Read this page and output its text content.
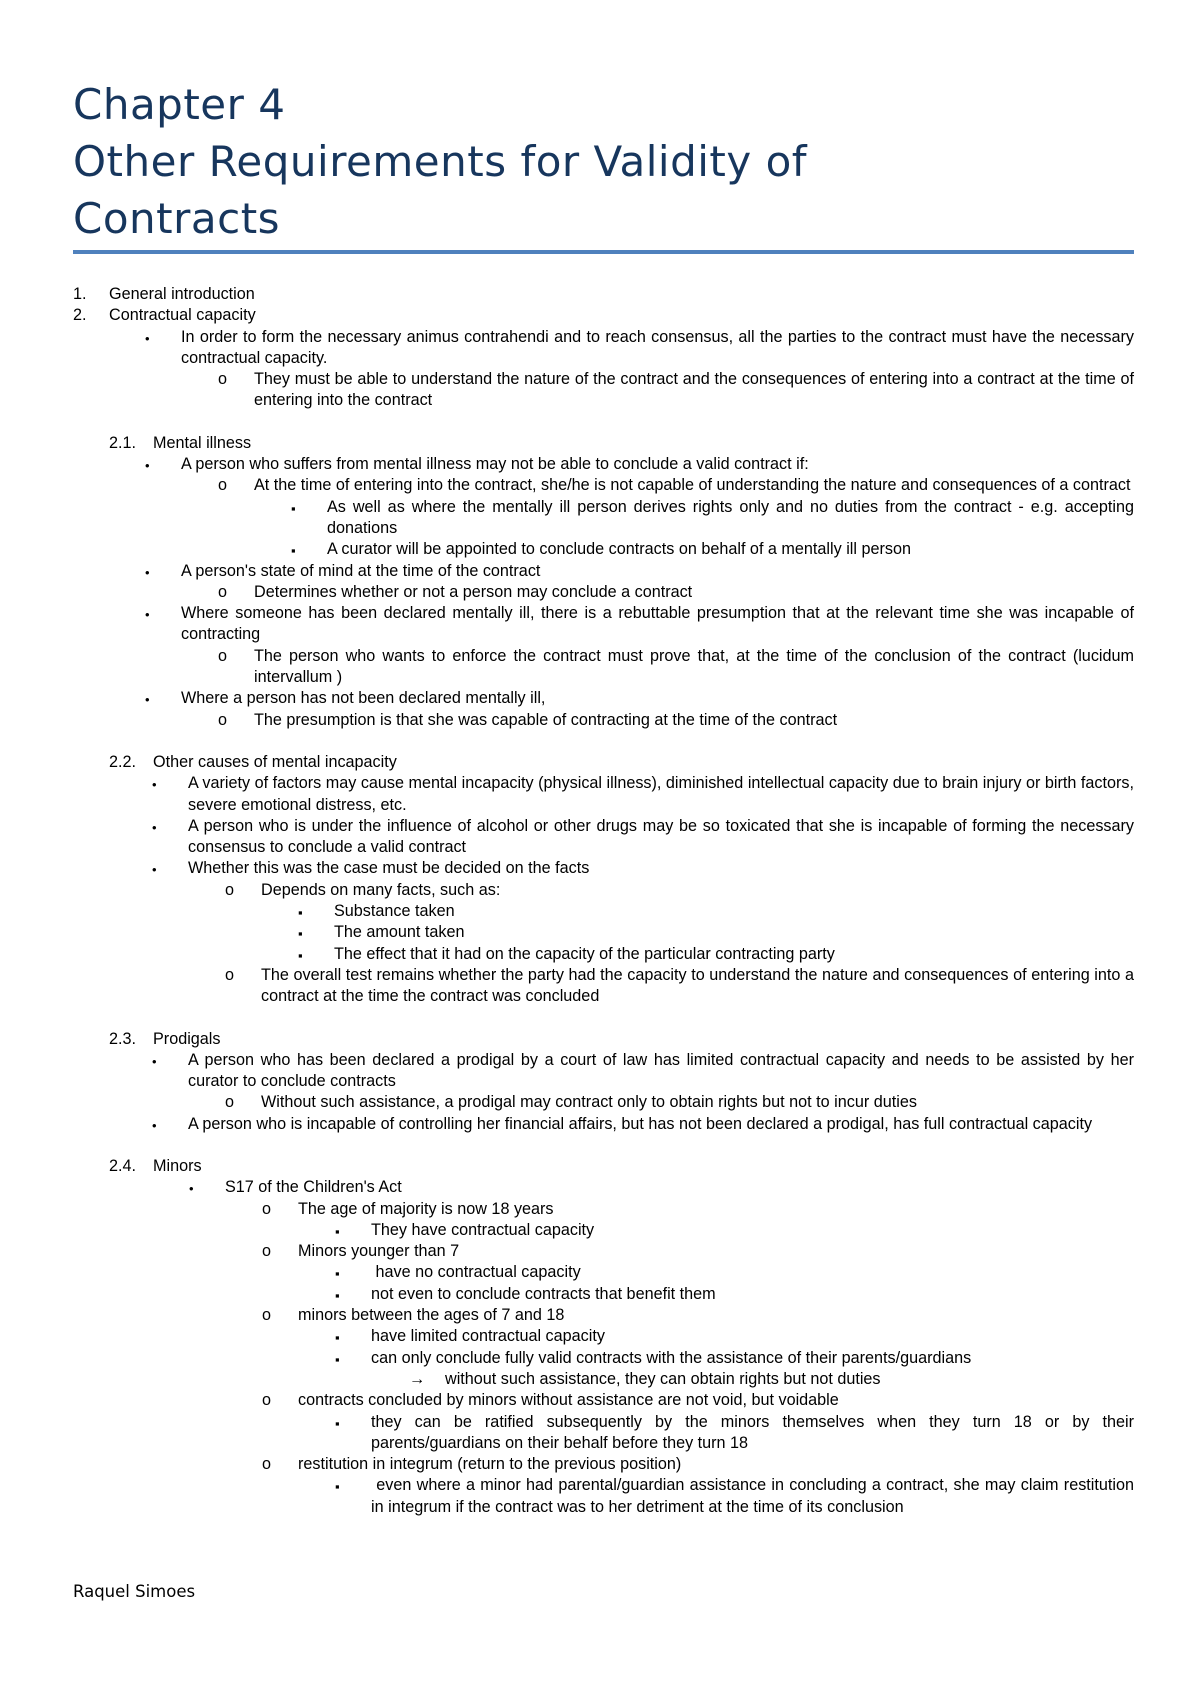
Chapter 4
Other Requirements for Validity of
Contracts
1. General introduction
2. Contractual capacity
• In order to form the necessary animus contrahendi and to reach consensus, all the parties to the contract must have the necessary contractual capacity.
o They must be able to understand the nature of the contract and the consequences of entering into a contract at the time of entering into the contract
2.1. Mental illness
• A person who suffers from mental illness may not be able to conclude a valid contract if:
o At the time of entering into the contract, she/he is not capable of understanding the nature and consequences of a contract
▪ As well as where the mentally ill person derives rights only and no duties from the contract - e.g. accepting donations
▪ A curator will be appointed to conclude contracts on behalf of a mentally ill person
• A person's state of mind at the time of the contract
o Determines whether or not a person may conclude a contract
• Where someone has been declared mentally ill, there is a rebuttable presumption that at the relevant time she was incapable of contracting
o The person who wants to enforce the contract must prove that, at the time of the conclusion of the contract (lucidum intervallum )
• Where a person has not been declared mentally ill,
o The presumption is that she was capable of contracting at the time of the contract
2.2. Other causes of mental incapacity
• A variety of factors may cause mental incapacity (physical illness), diminished intellectual capacity due to brain injury or birth factors, severe emotional distress, etc.
• A person who is under the influence of alcohol or other drugs may be so toxicated that she is incapable of forming the necessary consensus to conclude a valid contract
• Whether this was the case must be decided on the facts
o Depends on many facts, such as:
▪ Substance taken
▪ The amount taken
▪ The effect that it had on the capacity of the particular contracting party
o The overall test remains whether the party had the capacity to understand the nature and consequences of entering into a contract at the time the contract was concluded
2.3. Prodigals
• A person who has been declared a prodigal by a court of law has limited contractual capacity and needs to be assisted by her curator to conclude contracts
o Without such assistance, a prodigal may contract only to obtain rights but not to incur duties
• A person who is incapable of controlling her financial affairs, but has not been declared a prodigal, has full contractual capacity
2.4. Minors
• S17 of the Children's Act
o The age of majority is now 18 years
▪ They have contractual capacity
o Minors younger than 7
▪ have no contractual capacity
▪ not even to conclude contracts that benefit them
o minors between the ages of 7 and 18
▪ have limited contractual capacity
▪ can only conclude fully valid contracts with the assistance of their parents/guardians
→ without such assistance, they can obtain rights but not duties
o contracts concluded by minors without assistance are not void, but voidable
▪ they can be ratified subsequently by the minors themselves when they turn 18 or by their parents/guardians on their behalf before they turn 18
o restitution in integrum (return to the previous position)
▪ even where a minor had parental/guardian assistance in concluding a contract, she may claim restitution in integrum if the contract was to her detriment at the time of its conclusion
Raquel Simoes
